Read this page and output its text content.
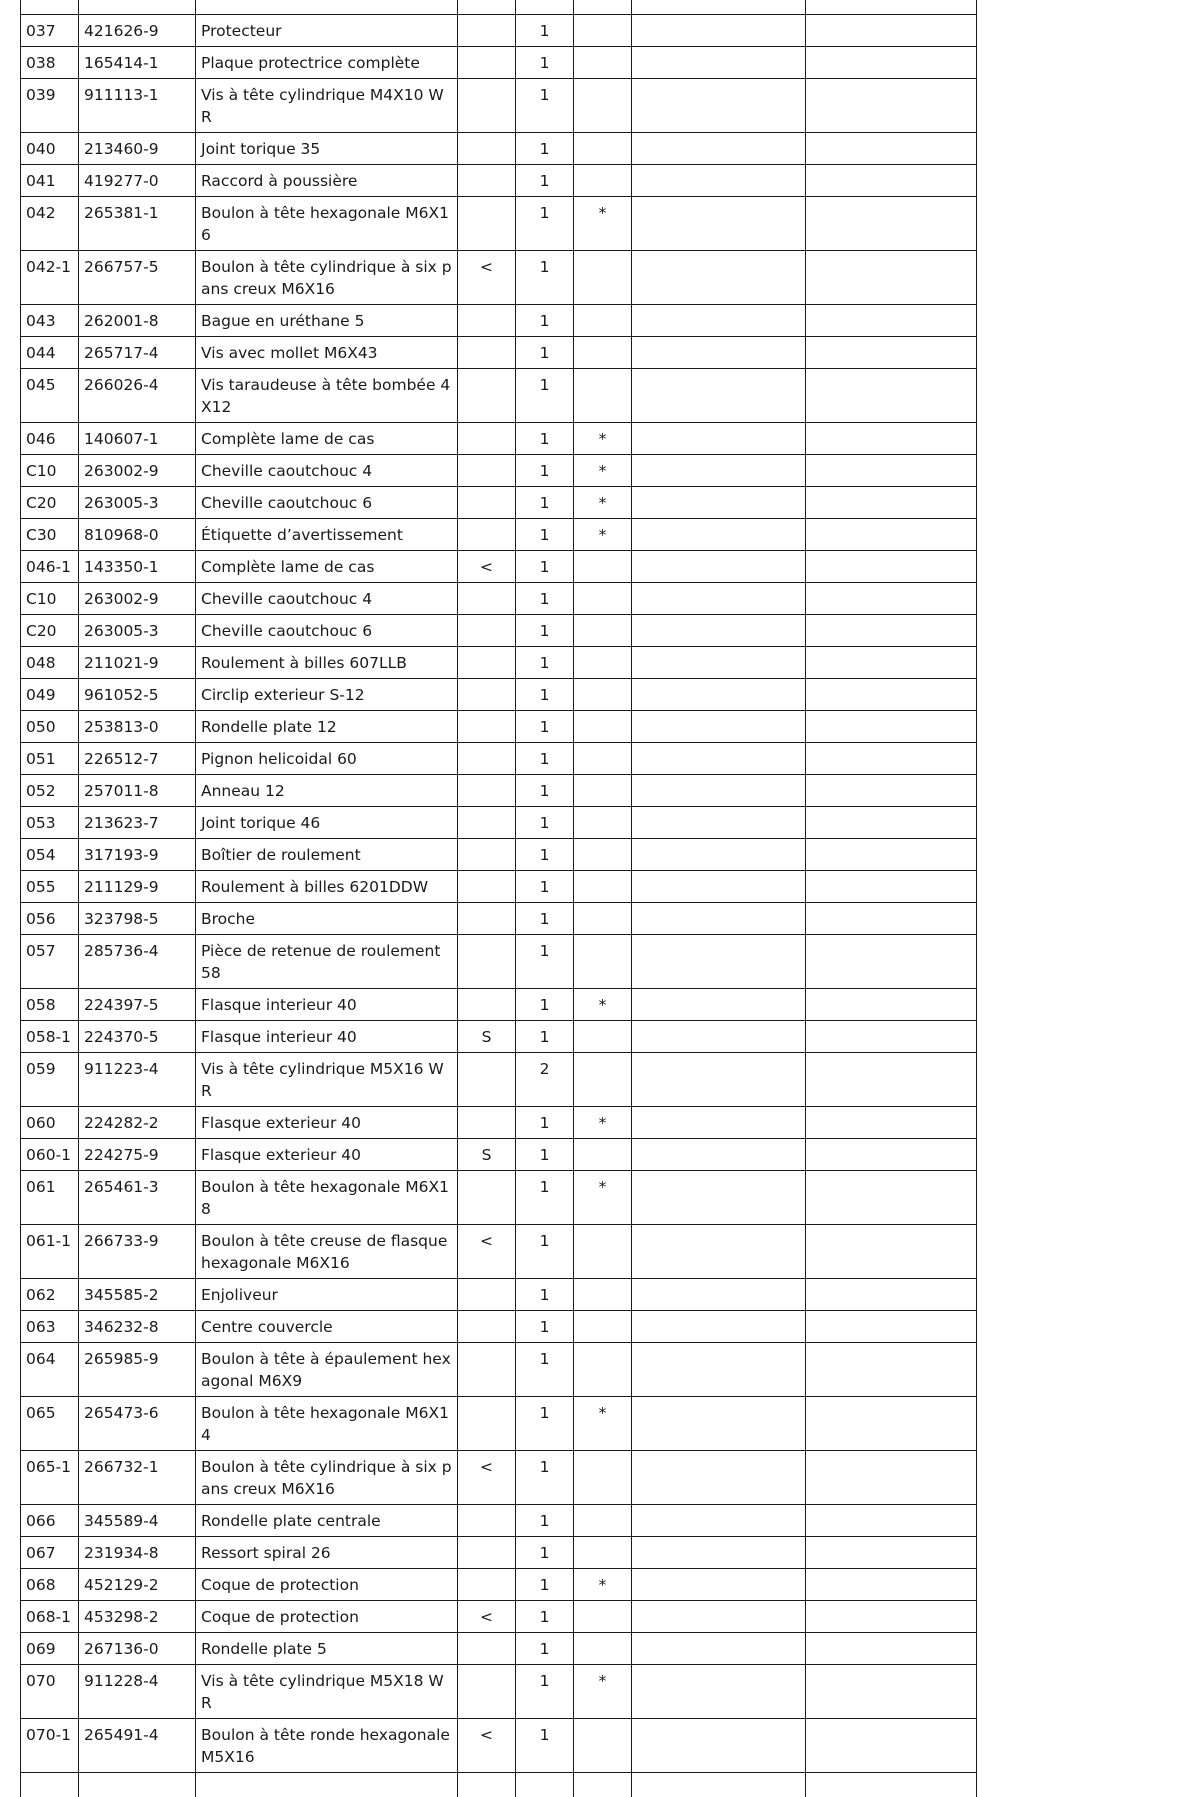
037	421626-9	Protecteur		1			
038	165414-1	Plaque protectrice complète		1			
039	911113-1	Vis à tête cylindrique M4X10 WR		1			
040	213460-9	Joint torique 35		1			
041	419277-0	Raccord à poussière		1			
042	265381-1	Boulon à tête hexagonale M6X16		1	*		
042-1	266757-5	Boulon à tête cylindrique à six pans creux M6X16	<	1			
043	262001-8	Bague en uréthane 5		1			
044	265717-4	Vis avec mollet M6X43		1			
045	266026-4	Vis taraudeuse à tête bombée 4X12		1			
046	140607-1	Complète lame de cas		1	*		
C10	263002-9	Cheville caoutchouc 4		1	*		
C20	263005-3	Cheville caoutchouc 6		1	*		
C30	810968-0	Étiquette d’avertissement		1	*		
046-1	143350-1	Complète lame de cas	<	1			
C10	263002-9	Cheville caoutchouc 4		1			
C20	263005-3	Cheville caoutchouc 6		1			
048	211021-9	Roulement à billes 607LLB		1			
049	961052-5	Circlip exterieur S-12		1			
050	253813-0	Rondelle plate 12		1			
051	226512-7	Pignon helicoidal 60		1			
052	257011-8	Anneau 12		1			
053	213623-7	Joint torique 46		1			
054	317193-9	Boîtier de roulement		1			
055	211129-9	Roulement à billes 6201DDW		1			
056	323798-5	Broche		1			
057	285736-4	Pièce de retenue de roulement 58		1			
058	224397-5	Flasque interieur 40		1	*		
058-1	224370-5	Flasque interieur 40	S	1			
059	911223-4	Vis à tête cylindrique M5X16 WR		2			
060	224282-2	Flasque exterieur 40		1	*		
060-1	224275-9	Flasque exterieur 40	S	1			
061	265461-3	Boulon à tête hexagonale M6X18		1	*		
061-1	266733-9	Boulon à tête creuse de flasque hexagonale M6X16	<	1			
062	345585-2	Enjoliveur		1			
063	346232-8	Centre couvercle		1			
064	265985-9	Boulon à tête à épaulement hexagonal M6X9		1			
065	265473-6	Boulon à tête hexagonale M6X14		1	*		
065-1	266732-1	Boulon à tête cylindrique à six pans creux M6X16	<	1			
066	345589-4	Rondelle plate centrale		1			
067	231934-8	Ressort spiral 26		1			
068	452129-2	Coque de protection		1	*		
068-1	453298-2	Coque de protection	<	1			
069	267136-0	Rondelle plate 5		1			
070	911228-4	Vis à tête cylindrique M5X18 WR		1	*		
070-1	265491-4	Boulon à tête ronde hexagonale M5X16	<	1			
